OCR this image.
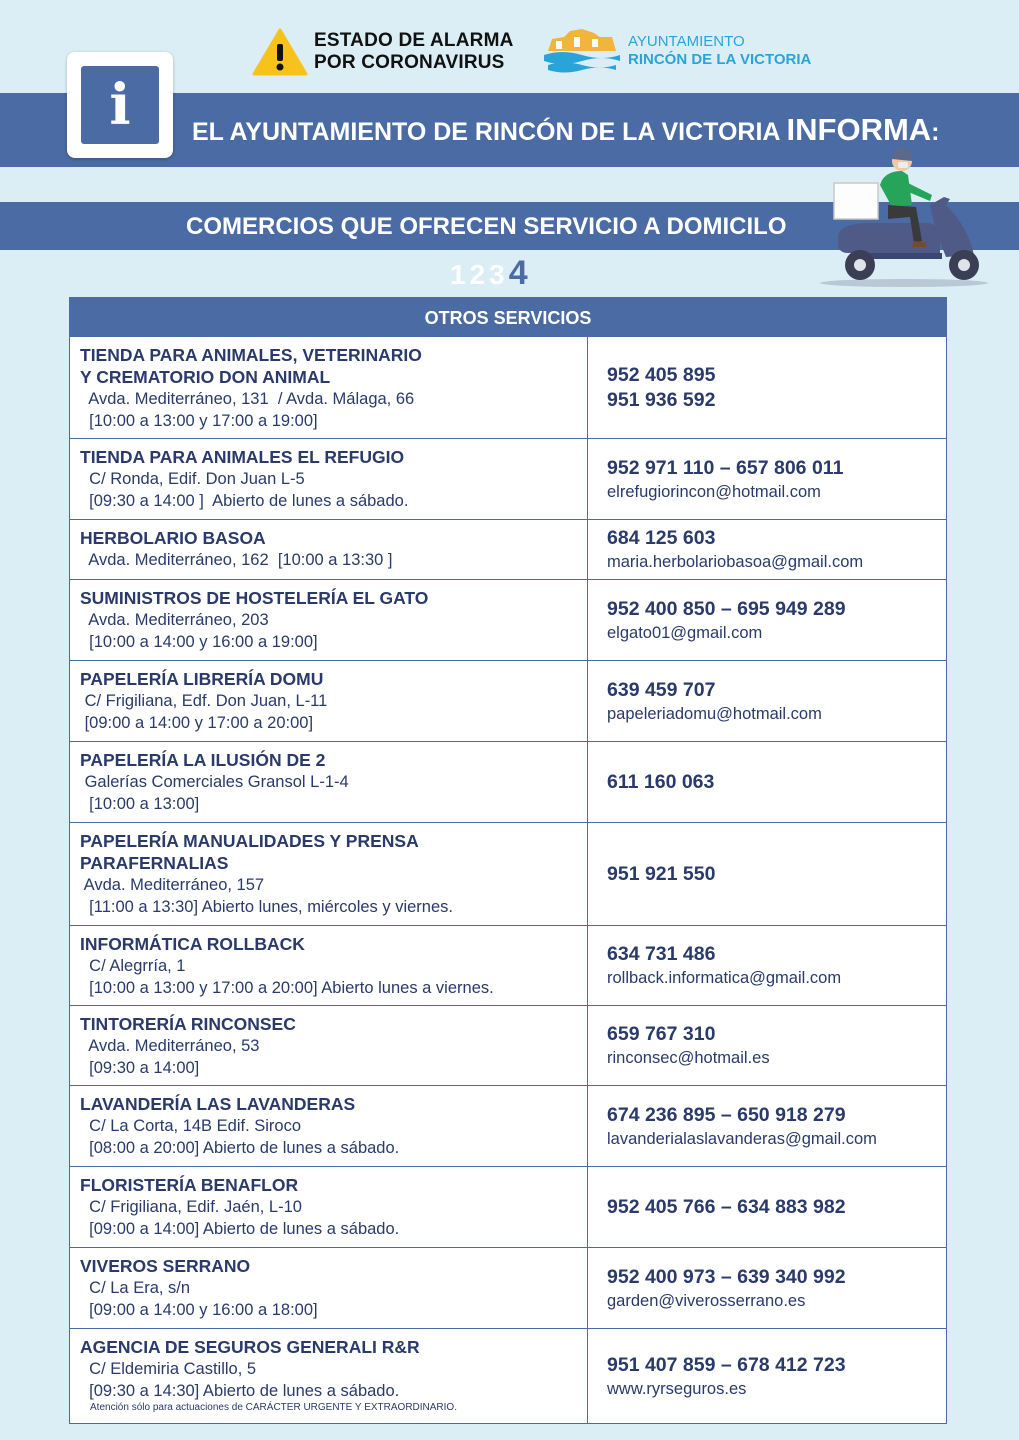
ESTADO DE ALARMA
POR CORONAVIRUS
AYUNTAMIENTO
RINCÓN DE LA VICTORIA
i	EL AYUNTAMIENTO DE RINCÓN DE LA VICTORIA INFORMA:
COMERCIOS QUE OFRECEN SERVICIO A DOMICILO
1 2 3 4
OTROS SERVICIOS
TIENDA PARA ANIMALES, VETERINARIO
Y CREMATORIO DON ANIMAL
Avda. Mediterráneo, 131  / Avda. Málaga, 66
[10:00 a 13:00 y 17:00 a 19:00]
952 405 895
951 936 592
TIENDA PARA ANIMALES EL REFUGIO
C/ Ronda, Edif. Don Juan L-5
[09:30 a 14:00 ]  Abierto de lunes a sábado.
952 971 110 – 657 806 011
elrefugiorincon@hotmail.com
HERBOLARIO BASOA
Avda. Mediterráneo, 162  [10:00 a 13:30 ]
684 125 603
maria.herbolariobasoa@gmail.com
SUMINISTROS DE HOSTELERÍA EL GATO
Avda. Mediterráneo, 203
[10:00 a 14:00 y 16:00 a 19:00]
952 400 850 – 695 949 289
elgato01@gmail.com
PAPELERÍA LIBRERÍA DOMU
C/ Frigiliana, Edf. Don Juan, L-11
[09:00 a 14:00 y 17:00 a 20:00]
639 459 707
papeleriadomu@hotmail.com
PAPELERÍA LA ILUSIÓN DE 2
Galerías Comerciales Gransol L-1-4
[10:00 a 13:00]
611 160 063
PAPELERÍA MANUALIDADES Y PRENSA
PARAFERNALIAS
Avda. Mediterráneo, 157
[11:00 a 13:30] Abierto lunes, miércoles y viernes.
951 921 550
INFORMÁTICA ROLLBACK
C/ Alegrría, 1
[10:00 a 13:00 y 17:00 a 20:00] Abierto lunes a viernes.
634 731 486
rollback.informatica@gmail.com
TINTORERÍA RINCONSEC
Avda. Mediterráneo, 53
[09:30 a 14:00]
659 767 310
rinconsec@hotmail.es
LAVANDERÍA LAS LAVANDERAS
C/ La Corta, 14B Edif. Siroco
[08:00 a 20:00] Abierto de lunes a sábado.
674 236 895 – 650 918 279
lavanderialaslavanderas@gmail.com
FLORISTERÍA BENAFLOR
C/ Frigiliana, Edif. Jaén, L-10
[09:00 a 14:00] Abierto de lunes a sábado.
952 405 766 – 634 883 982
VIVEROS SERRANO
C/ La Era, s/n
[09:00 a 14:00 y 16:00 a 18:00]
952 400 973 – 639 340 992
garden@viverosserrano.es
AGENCIA DE SEGUROS GENERALI R&R
C/ Eldemiria Castillo, 5
[09:30 a 14:30] Abierto de lunes a sábado.
Atención sólo para actuaciones de CARÁCTER URGENTE Y EXTRAORDINARIO.
951 407 859 – 678 412 723
www.ryrseguros.es
